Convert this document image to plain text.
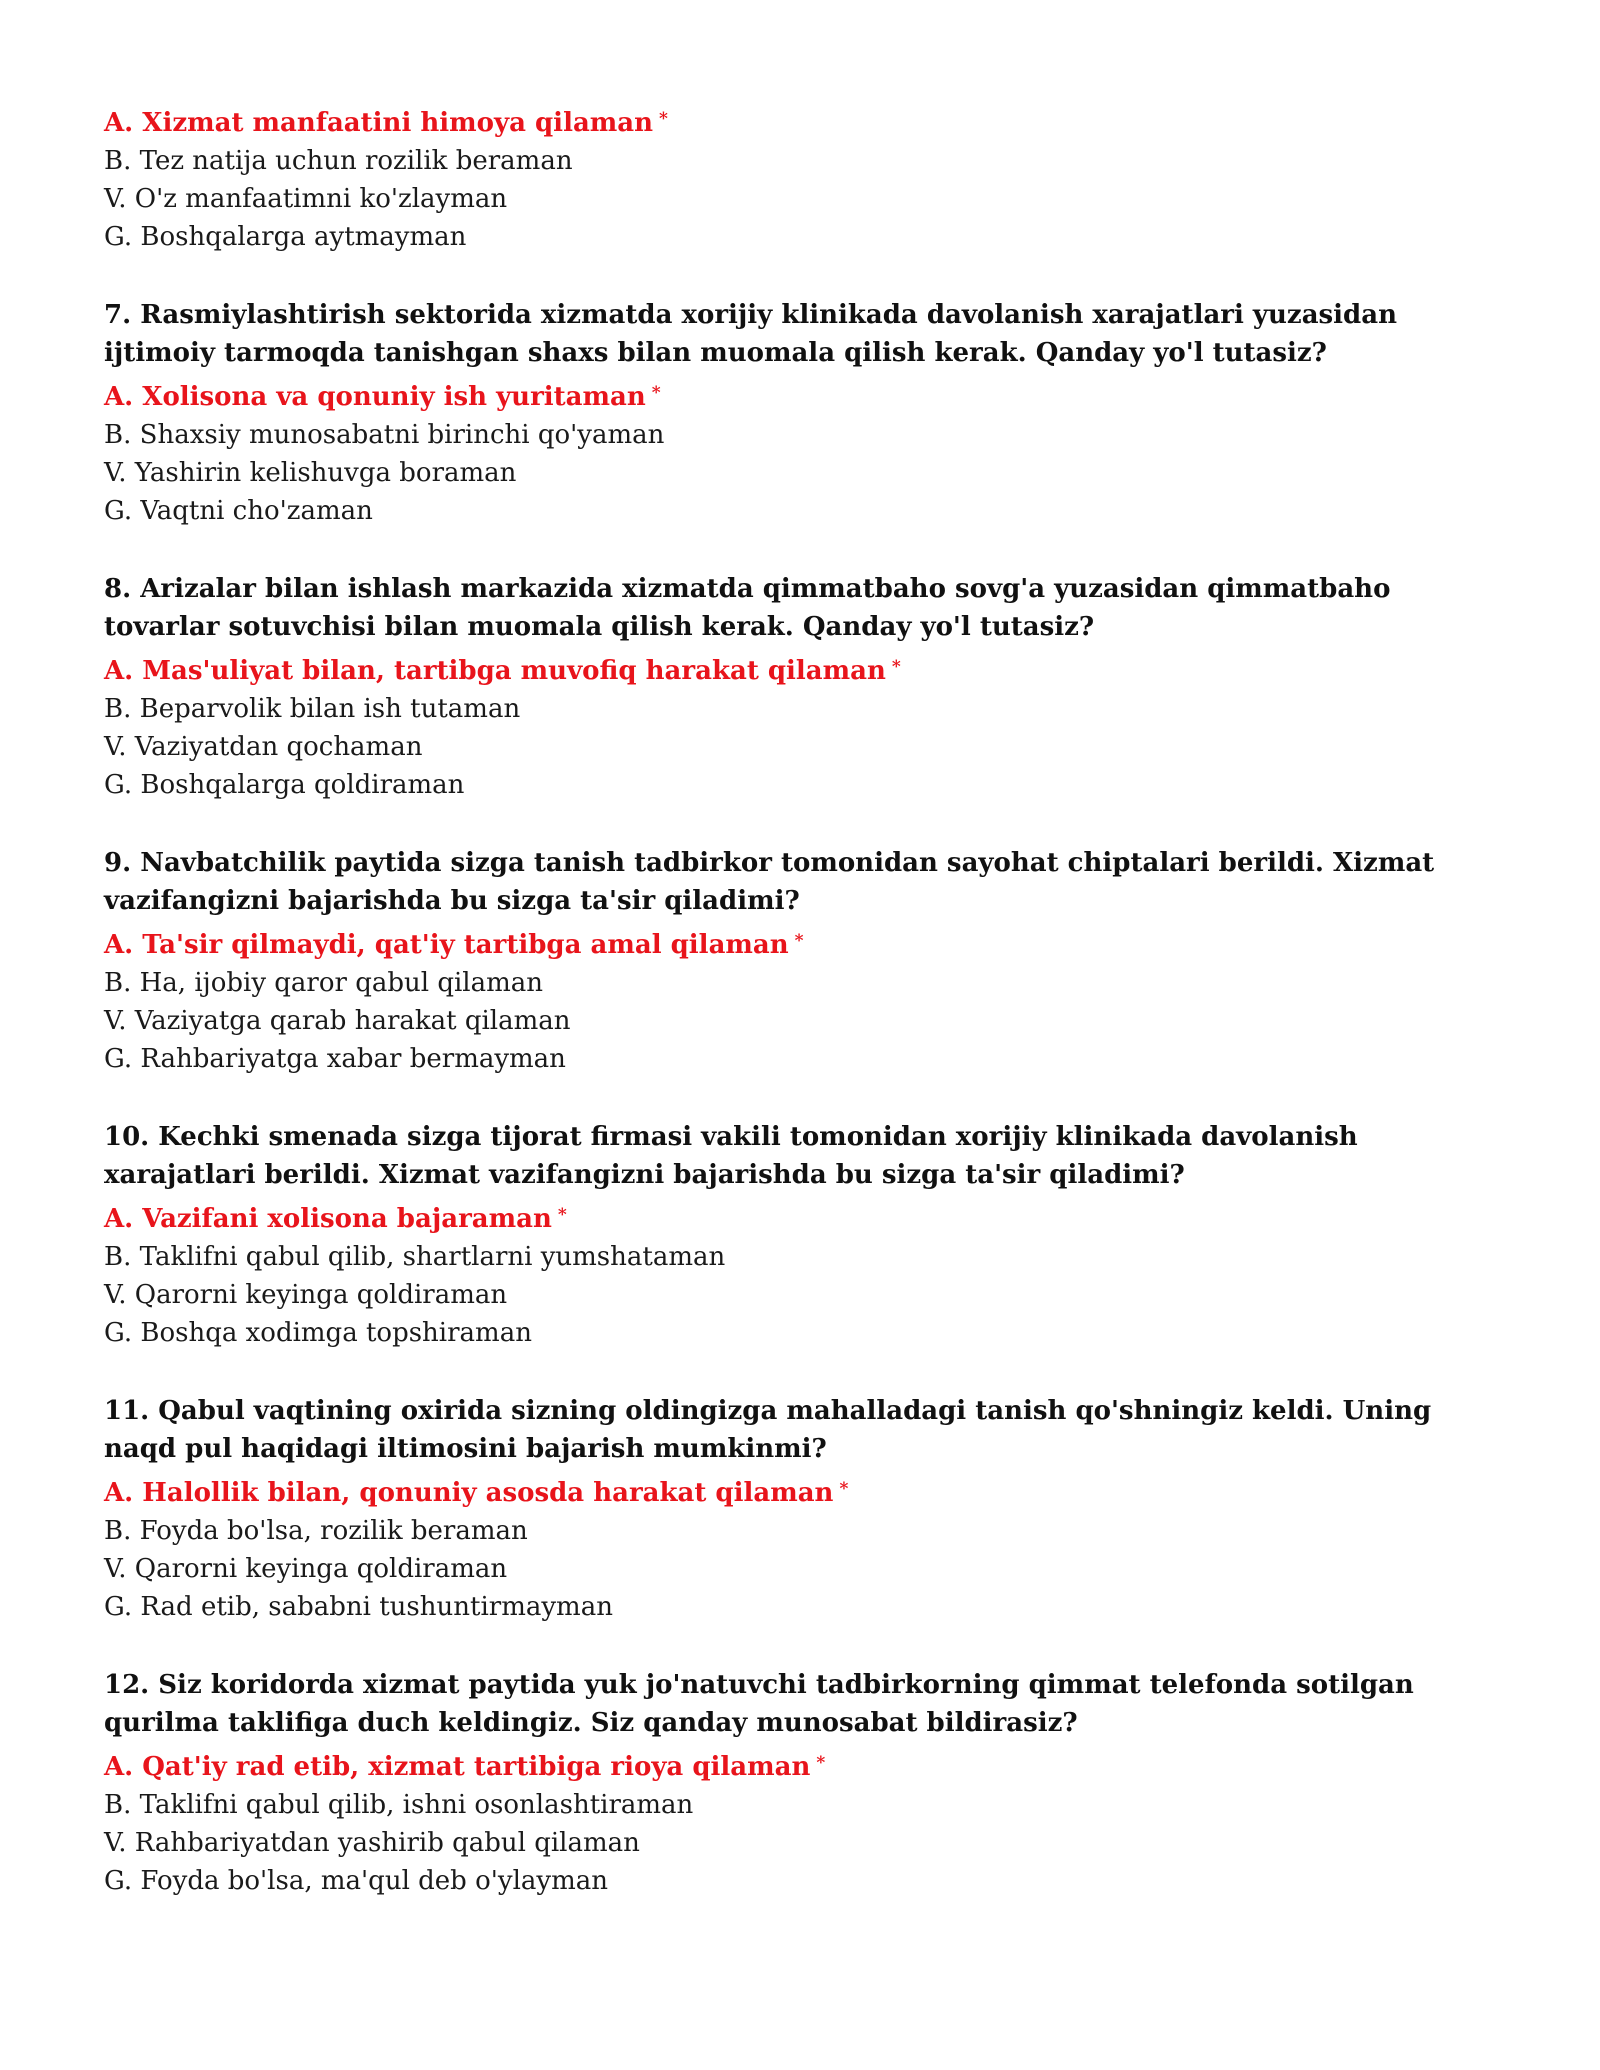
A. Xizmat manfaatini himoya qilaman *

B. Tez natija uchun rozilik beraman

V. O'z manfaatimni ko'zlayman

G. Boshqalarga aytmayman

7. Rasmiylashtirish sektorida xizmatda xorijiy klinikada davolanish xarajatlari yuzasidan ijtimoiy tarmoqda tanishgan shaxs bilan muomala qilish kerak. Qanday yo'l tutasiz?

A. Xolisona va qonuniy ish yuritaman *

B. Shaxsiy munosabatni birinchi qo'yaman

V. Yashirin kelishuvga boraman

G. Vaqtni cho'zaman

8. Arizalar bilan ishlash markazida xizmatda qimmatbaho sovg'a yuzasidan qimmatbaho tovarlar sotuvchisi bilan muomala qilish kerak. Qanday yo'l tutasiz?

A. Mas'uliyat bilan, tartibga muvofiq harakat qilaman *

B. Beparvolik bilan ish tutaman

V. Vaziyatdan qochaman

G. Boshqalarga qoldiraman

9. Navbatchilik paytida sizga tanish tadbirkor tomonidan sayohat chiptalari berildi. Xizmat vazifangizni bajarishda bu sizga ta'sir qiladimi?

A. Ta'sir qilmaydi, qat'iy tartibga amal qilaman *

B. Ha, ijobiy qaror qabul qilaman

V. Vaziyatga qarab harakat qilaman

G. Rahbariyatga xabar bermayman

10. Kechki smenada sizga tijorat firmasi vakili tomonidan xorijiy klinikada davolanish xarajatlari berildi. Xizmat vazifangizni bajarishda bu sizga ta'sir qiladimi?

A. Vazifani xolisona bajaraman *

B. Taklifni qabul qilib, shartlarni yumshataman

V. Qarorni keyinga qoldiraman

G. Boshqa xodimga topshiraman

11. Qabul vaqtining oxirida sizning oldingizga mahalladagi tanish qo'shningiz keldi. Uning naqd pul haqidagi iltimosini bajarish mumkinmi?

A. Halollik bilan, qonuniy asosda harakat qilaman *

B. Foyda bo'lsa, rozilik beraman

V. Qarorni keyinga qoldiraman

G. Rad etib, sababni tushuntirmayman

12. Siz koridorda xizmat paytida yuk jo'natuvchi tadbirkorning qimmat telefonda sotilgan qurilma taklifiga duch keldingiz. Siz qanday munosabat bildirasiz?

A. Qat'iy rad etib, xizmat tartibiga rioya qilaman *

B. Taklifni qabul qilib, ishni osonlashtiraman

V. Rahbariyatdan yashirib qabul qilaman

G. Foyda bo'lsa, ma'qul deb o'ylayman
